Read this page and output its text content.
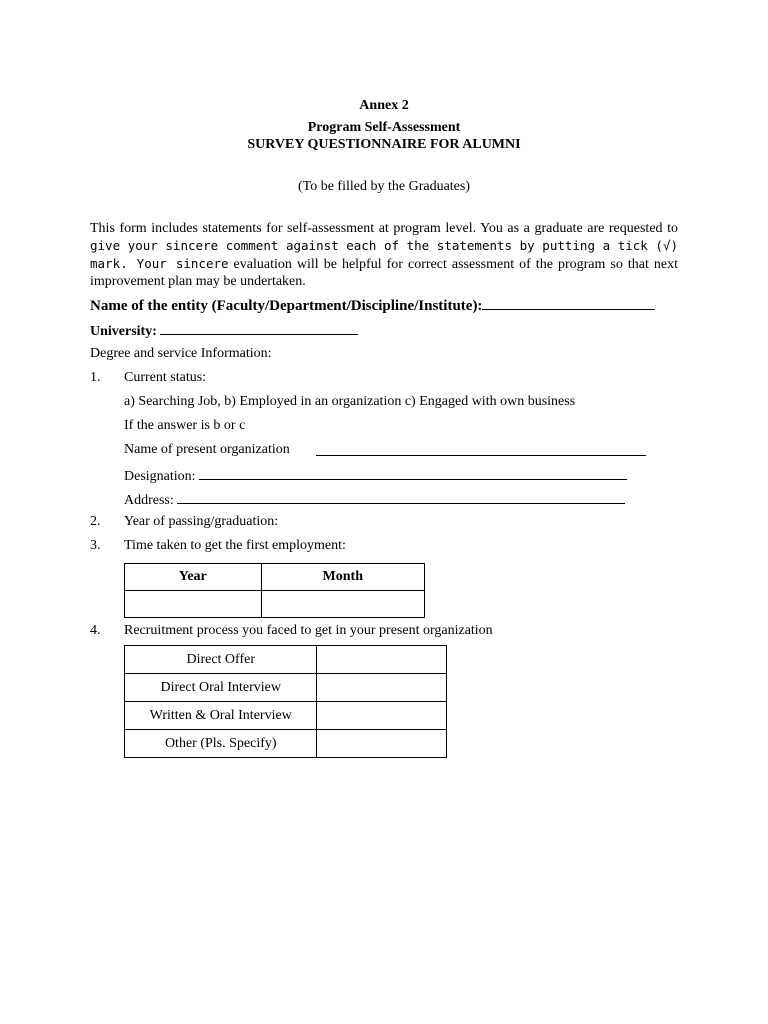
Annex 2
Program Self-Assessment
SURVEY QUESTIONNAIRE FOR ALUMNI
(To be filled by the Graduates)
This form includes statements for self-assessment at program level. You as a graduate are requested to give your sincere comment against each of the statements by putting a tick (√) mark. Your sincere evaluation will be helpful for correct assessment of the program so that next improvement plan may be undertaken.
Name of the entity (Faculty/Department/Discipline/Institute):
University:
Degree and service Information:
1. Current status:
a) Searching Job, b) Employed in an organization c) Engaged with own business
If the answer is b or c
Name of present organization
Designation:
Address:
2. Year of passing/graduation:
3. Time taken to get the first employment:
Year	Month

4. Recruitment process you faced to get in your present organization
Direct Offer	
Direct Oral Interview	
Written & Oral Interview	
Other (Pls. Specify)	
